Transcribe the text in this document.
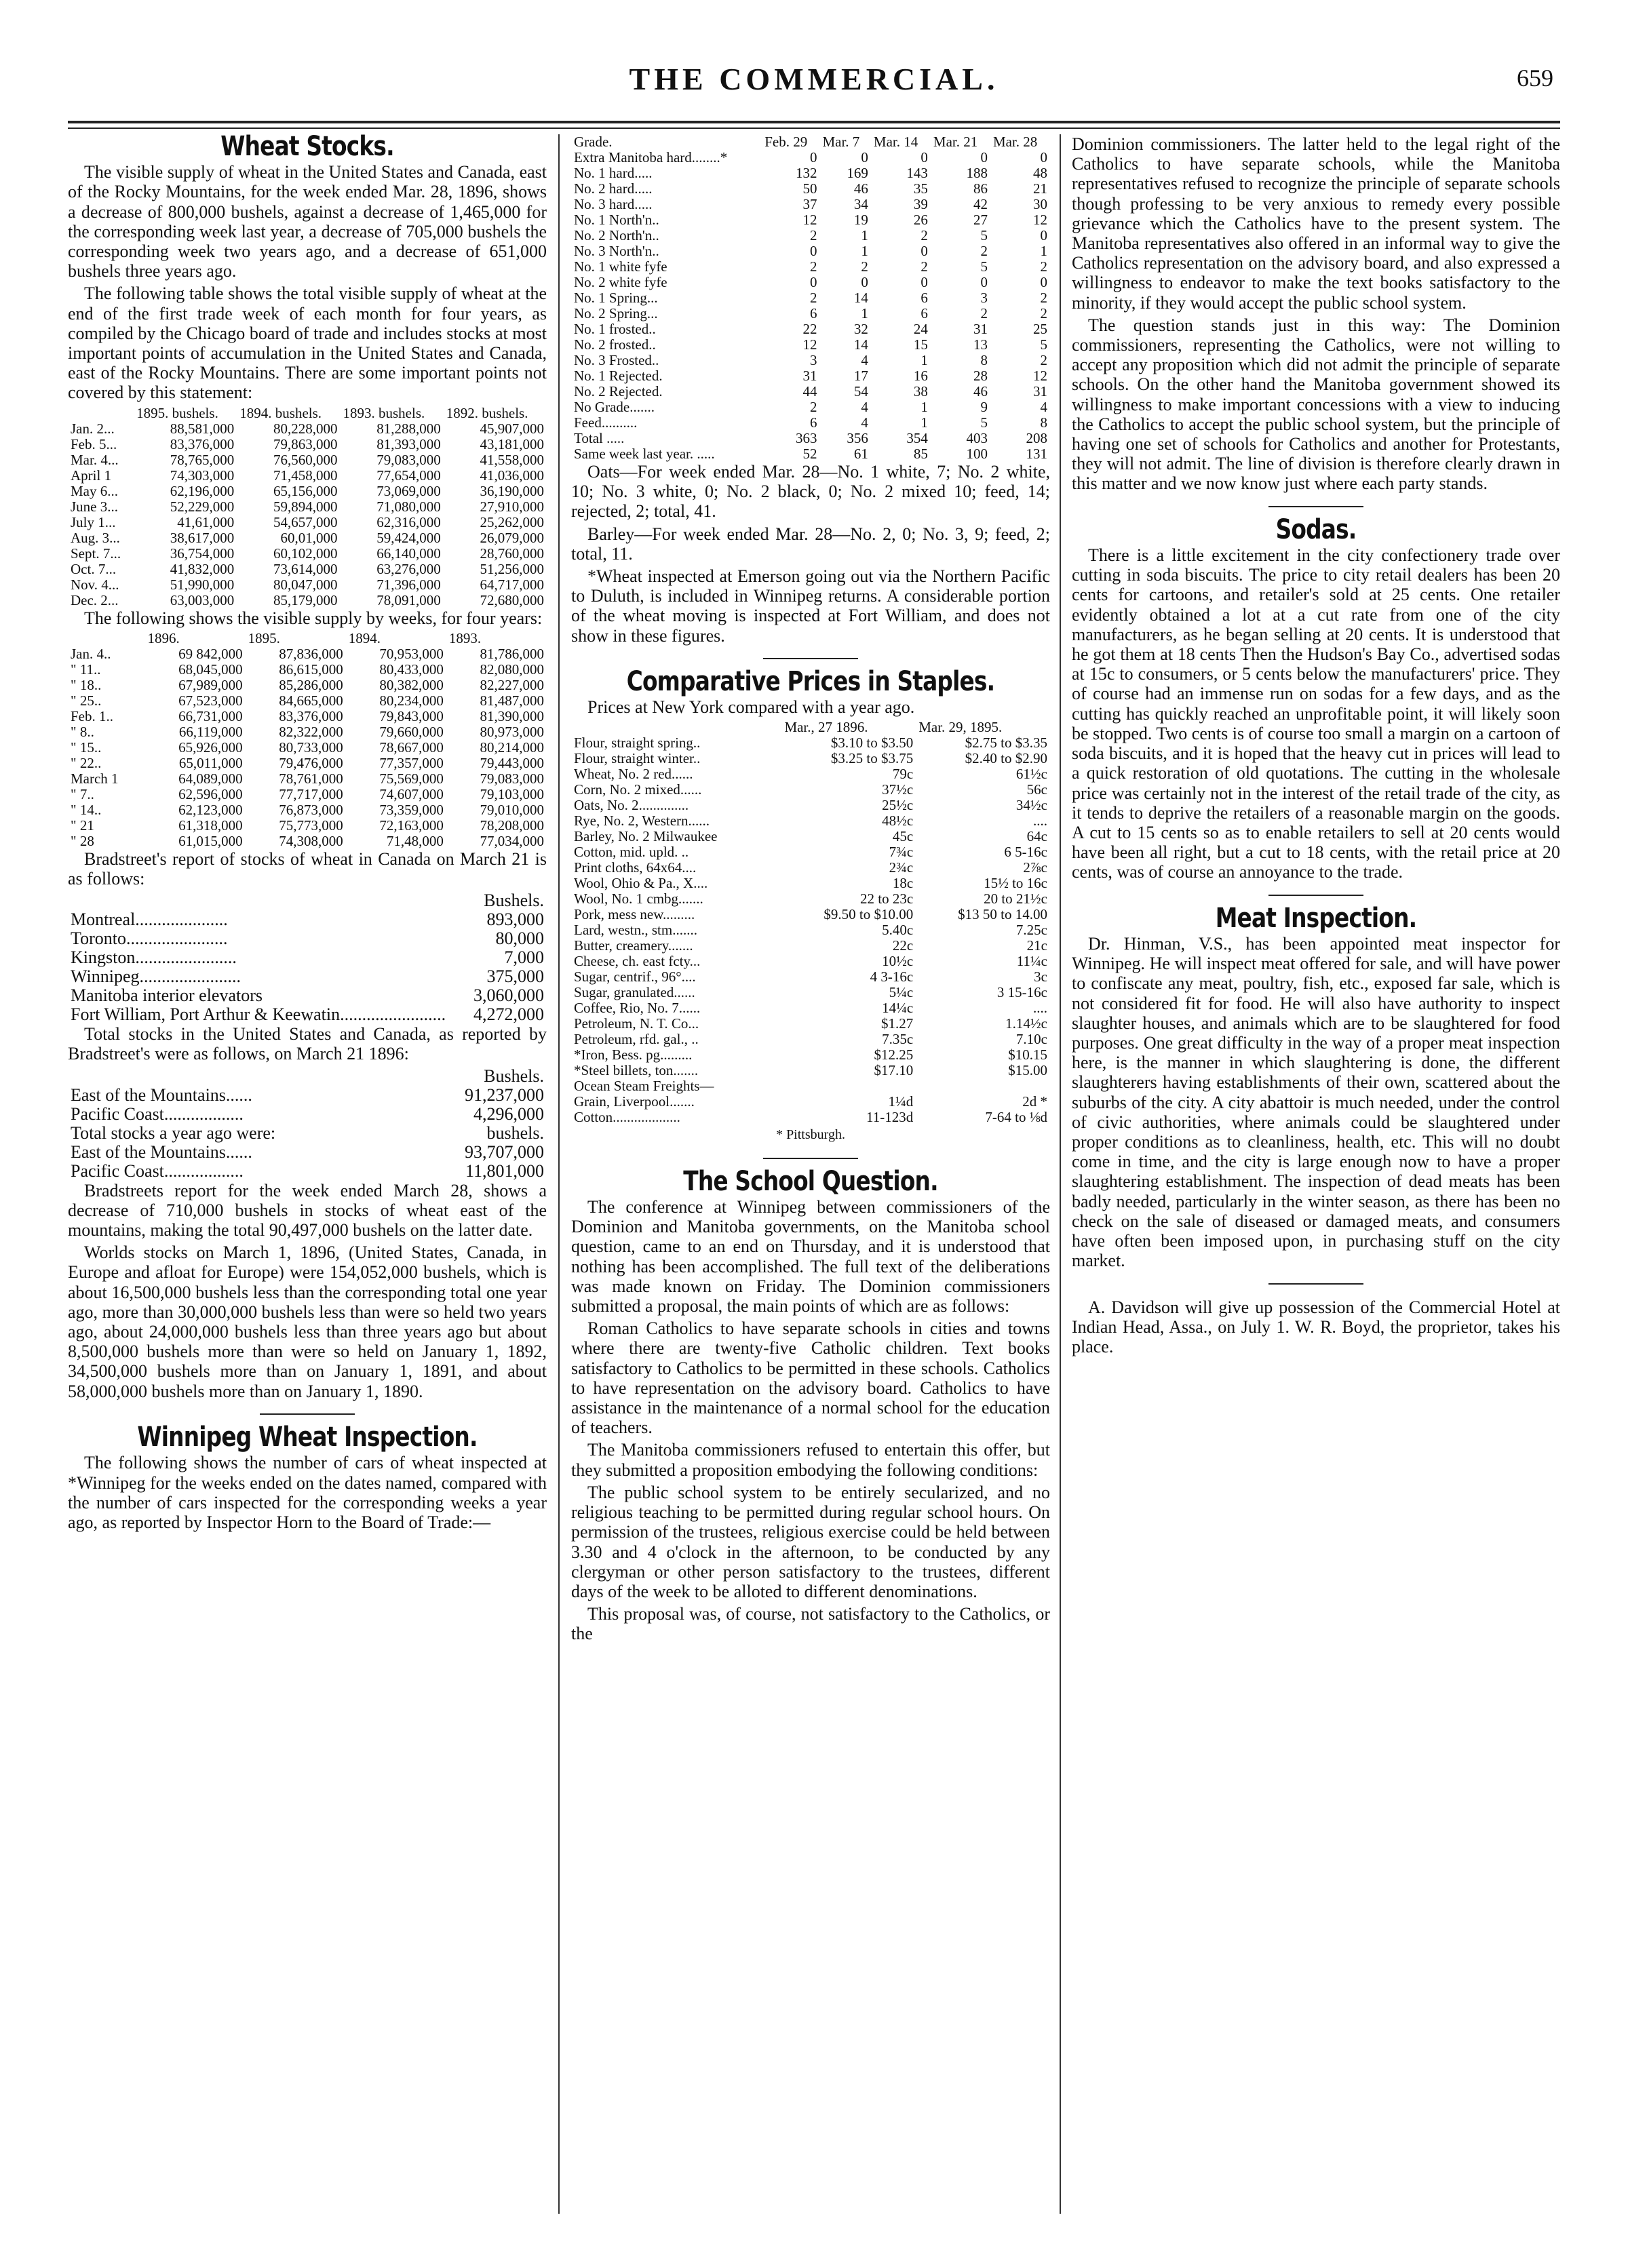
THE COMMERCIAL.	659
Wheat Stocks.

The visible supply of wheat in the United States and Canada, east of the Rocky Mountains, for the week ended Mar. 28, 1896, shows a decrease of 800,000 bushels, against a decrease of 1,465,000 for the corresponding week last year, a decrease of 705,000 bushels the corresponding week two years ago, and a decrease of 651,000 bushels three years ago.

The following table shows the total visible supply of wheat at the end of the first trade week of each month for four years, as compiled by the Chicago board of trade and includes stocks at most important points of accumulation in the United States and Canada, east of the Rocky Mountains. There are some important points not covered by this statement:

	1895. bushels.	1894. bushels.	1893. bushels.	1892. bushels.
Jan. 2...	88,581,000	80,228,000	81,288,000	45,907,000
Feb. 5...	83,376,000	79,863,000	81,393,000	43,181,000
Mar. 4...	78,765,000	76,560,000	79,083,000	41,558,000
April 1	74,303,000	71,458,000	77,654,000	41,036,000
May 6...	62,196,000	65,156,000	73,069,000	36,190,000
June 3...	52,229,000	59,894,000	71,080,000	27,910,000
July 1...	41,61,000	54,657,000	62,316,000	25,262,000
Aug. 3...	38,617,000	60,01,000	59,424,000	26,079,000
Sept. 7...	36,754,000	60,102,000	66,140,000	28,760,000
Oct. 7...	41,832,000	73,614,000	63,276,000	51,256,000
Nov. 4...	51,990,000	80,047,000	71,396,000	64,717,000
Dec. 2...	63,003,000	85,179,000	78,091,000	72,680,000

The following shows the visible supply by weeks, for four years:

	1896.	1895.	1894.	1893.
Jan. 4..	69 842,000	87,836,000	70,953,000	81,786,000
" 11..	68,045,000	86,615,000	80,433,000	82,080,000
" 18..	67,989,000	85,286,000	80,382,000	82,227,000
" 25..	67,523,000	84,665,000	80,234,000	81,487,000
Feb. 1..	66,731,000	83,376,000	79,843,000	81,390,000
" 8..	66,119,000	82,322,000	79,660,000	80,973,000
" 15..	65,926,000	80,733,000	78,667,000	80,214,000
" 22..	65,011,000	79,476,000	77,357,000	79,443,000
March 1	64,089,000	78,761,000	75,569,000	79,083,000
" 7..	62,596,000	77,717,000	74,607,000	79,103,000
" 14..	62,123,000	76,873,000	73,359,000	79,010,000
" 21	61,318,000	75,773,000	72,163,000	78,208,000
" 28	61,015,000	74,308,000	71,48,000	77,034,000

Bradstreet's report of stocks of wheat in Canada on March 21 is as follows:

	Bushels.
Montreal.....................	893,000
Toronto.......................	80,000
Kingston.......................	7,000
Winnipeg.......................	375,000
Manitoba interior elevators	3,060,000
Fort William, Port Arthur & Keewatin........................	4,272,000

Total stocks in the United States and Canada, as reported by Bradstreet's were as follows, on March 21 1896:

	Bushels.
East of the Mountains......	91,237,000
Pacific Coast..................	4,296,000
Total stocks a year ago were:	bushels.
East of the Mountains......	93,707,000
Pacific Coast..................	11,801,000

Bradstreets report for the week ended March 28, shows a decrease of 710,000 bushels in stocks of wheat east of the mountains, making the total 90,497,000 bushels on the latter date.

Worlds stocks on March 1, 1896, (United States, Canada, in Europe and afloat for Europe) were 154,052,000 bushels, which is about 16,500,000 bushels less than the corresponding total one year ago, more than 30,000,000 bushels less than were so held two years ago, about 24,000,000 bushels less than three years ago but about 8,500,000 bushels more than were so held on January 1, 1892, 34,500,000 bushels more than on January 1, 1891, and about 58,000,000 bushels more than on January 1, 1890.

Winnipeg Wheat Inspection.

The following shows the number of cars of wheat inspected at *Winnipeg for the weeks ended on the dates named, compared with the number of cars inspected for the corresponding weeks a year ago, as reported by Inspector Horn to the Board of Trade:—

Grade.	Feb. 29	Mar. 7	Mar. 14	Mar. 21	Mar. 28
Extra Manitoba hard........*	0	0	0	0	0
No. 1 hard.....	132	169	143	188	48
No. 2 hard.....	50	46	35	86	21
No. 3 hard.....	37	34	39	42	30
No. 1 North'n..	12	19	26	27	12
No. 2 North'n..	2	1	2	5	0
No. 3 North'n..	0	1	0	2	1
No. 1 white fyfe	2	2	2	5	2
No. 2 white fyfe	0	0	0	0	0
No. 1 Spring...	2	14	6	3	2
No. 2 Spring...	6	1	6	2	2
No. 1 frosted..	22	32	24	31	25
No. 2 frosted..	12	14	15	13	5
No. 3 Frosted..	3	4	1	8	2
No. 1 Rejected.	31	17	16	28	12
No. 2 Rejected.	44	54	38	46	31
No Grade.......	2	4	1	9	4
Feed..........	6	4	1	5	8
Total .....	363	356	354	403	208
Same week last year. .....	52	61	85	100	131

Oats—For week ended Mar. 28—No. 1 white, 7; No. 2 white, 10; No. 3 white, 0; No. 2 black, 0; No. 2 mixed 10; feed, 14; rejected, 2; total, 41.

Barley—For week ended Mar. 28—No. 2, 0; No. 3, 9; feed, 2; total, 11.

*Wheat inspected at Emerson going out via the Northern Pacific to Duluth, is included in Winnipeg returns. A considerable portion of the wheat moving is inspected at Fort William, and does not show in these figures.

Comparative Prices in Staples.

Prices at New York compared with a year ago.

	Mar., 27 1896.	Mar. 29, 1895.
Flour, straight spring..	$3.10 to $3.50	$2.75 to $3.35
Flour, straight winter..	$3.25 to $3.75	$2.40 to $2.90
Wheat, No. 2 red......	79c	61½c
Corn, No. 2 mixed......	37½c	56c
Oats, No. 2..............	25½c	34½c
Rye, No. 2, Western......	48½c	....
Barley, No. 2 Milwaukee	45c	64c
Cotton, mid. upld. ..	7¾c	6 5-16c
Print cloths, 64x64....	2¾c	2⅞c
Wool, Ohio & Pa., X....	18c	15½ to 16c
Wool, No. 1 cmbg.......	22 to 23c	20 to 21½c
Pork, mess new.........	$9.50 to $10.00	$13 50 to 14.00
Lard, westn., stm.......	5.40c	7.25c
Butter, creamery.......	22c	21c
Cheese, ch. east fcty...	10½c	11¼c
Sugar, centrif., 96°....	4 3-16c	3c
Sugar, granulated......	5¼c	3 15-16c
Coffee, Rio, No. 7......	14¼c	....
Petroleum, N. T. Co...	$1.27	1.14½c
Petroleum, rfd. gal., ..	7.35c	7.10c
*Iron, Bess. pg.........	$12.25	$10.15
*Steel billets, ton.......	$17.10	$15.00
Ocean Steam Freights—		
Grain, Liverpool.......	1¼d	2d *
Cotton...................	11-123d	7-64 to ⅛d
* Pittsburgh.
The School Question.

The conference at Winnipeg between commissioners of the Dominion and Manitoba governments, on the Manitoba school question, came to an end on Thursday, and it is understood that nothing has been accomplished. The full text of the deliberations was made known on Friday. The Dominion commissioners submitted a proposal, the main points of which are as follows:

Roman Catholics to have separate schools in cities and towns where there are twenty-five Catholic children. Text books satisfactory to Catholics to be permitted in these schools. Catholics to have representation on the advisory board. Catholics to have assistance in the maintenance of a normal school for the education of teachers.

The Manitoba commissioners refused to entertain this offer, but they submitted a proposition embodying the following conditions:

The public school system to be entirely secularized, and no religious teaching to be permitted during regular school hours. On permission of the trustees, religious exercise could be held between 3.30 and 4 o'clock in the afternoon, to be conducted by any clergyman or other person satisfactory to the trustees, different days of the week to be alloted to different denominations.

This proposal was, of course, not satisfactory to the Catholics, or the

Dominion commissioners. The latter held to the legal right of the Catholics to have separate schools, while the Manitoba representatives refused to recognize the principle of separate schools though professing to be very anxious to remedy every possible grievance which the Catholics have to the present system. The Manitoba representatives also offered in an informal way to give the Catholics representation on the advisory board, and also expressed a willingness to endeavor to make the text books satisfactory to the minority, if they would accept the public school system.

The question stands just in this way: The Dominion commissioners, representing the Catholics, were not willing to accept any proposition which did not admit the principle of separate schools. On the other hand the Manitoba government showed its willingness to make important concessions with a view to inducing the Catholics to accept the public school system, but the principle of having one set of schools for Catholics and another for Protestants, they will not admit. The line of division is therefore clearly drawn in this matter and we now know just where each party stands.

Sodas.

There is a little excitement in the city confectionery trade over cutting in soda biscuits. The price to city retail dealers has been 20 cents for cartoons, and retailer's sold at 25 cents. One retailer evidently obtained a lot at a cut rate from one of the city manufacturers, as he began selling at 20 cents. It is understood that he got them at 18 cents Then the Hudson's Bay Co., advertised sodas at 15c to consumers, or 5 cents below the manufacturers' price. They of course had an immense run on sodas for a few days, and as the cutting has quickly reached an unprofitable point, it will likely soon be stopped. Two cents is of course too small a margin on a cartoon of soda biscuits, and it is hoped that the heavy cut in prices will lead to a quick restoration of old quotations. The cutting in the wholesale price was certainly not in the interest of the retail trade of the city, as it tends to deprive the retailers of a reasonable margin on the goods. A cut to 15 cents so as to enable retailers to sell at 20 cents would have been all right, but a cut to 18 cents, with the retail price at 20 cents, was of course an annoyance to the trade.

Meat Inspection.

Dr. Hinman, V.S., has been appointed meat inspector for Winnipeg. He will inspect meat offered for sale, and will have power to confiscate any meat, poultry, fish, etc., exposed far sale, which is not considered fit for food. He will also have authority to inspect slaughter houses, and animals which are to be slaughtered for food purposes. One great difficulty in the way of a proper meat inspection here, is the manner in which slaughtering is done, the different slaughterers having establishments of their own, scattered about the suburbs of the city. A city abattoir is much needed, under the control of civic authorities, where animals could be slaughtered under proper conditions as to cleanliness, health, etc. This will no doubt come in time, and the city is large enough now to have a proper slaughtering establishment. The inspection of dead meats has been badly needed, particularly in the winter season, as there has been no check on the sale of diseased or damaged meats, and consumers have often been imposed upon, in purchasing stuff on the city market.

A. Davidson will give up possession of the Commercial Hotel at Indian Head, Assa., on July 1. W. R. Boyd, the proprietor, takes his place.
